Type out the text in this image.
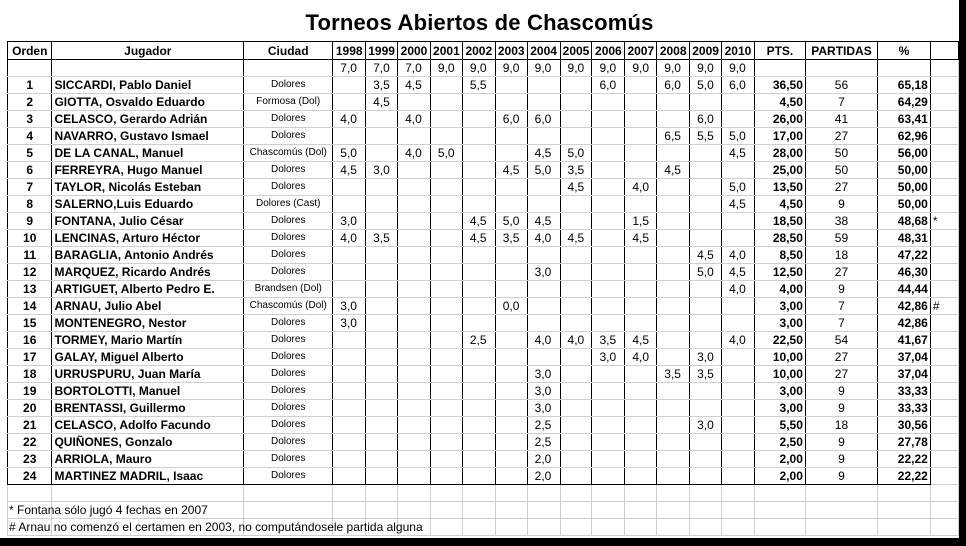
Torneos Abiertos de Chascomús
Orden	Jugador	Ciudad	1998	1999	2000	2001	2002	2003	2004	2005	2006	2007	2008	2009	2010	PTS.	PARTIDAS	%	
			7,0	7,0	7,0	9,0	9,0	9,0	9,0	9,0	9,0	9,0	9,0	9,0	9,0				
1	SICCARDI, Pablo Daniel	Dolores		3,5	4,5		5,5				6,0		6,0	5,0	6,0	36,50	56	65,18	
2	GIOTTA, Osvaldo Eduardo	Formosa (Dol)		4,5												4,50	7	64,29	
3	CELASCO, Gerardo Adrián	Dolores	4,0		4,0			6,0	6,0					6,0		26,00	41	63,41	
4	NAVARRO, Gustavo Ismael	Dolores											6,5	5,5	5,0	17,00	27	62,96	
5	DE LA CANAL, Manuel	Chascomús (Dol)	5,0		4,0	5,0			4,5	5,0					4,5	28,00	50	56,00	
6	FERREYRA, Hugo Manuel	Dolores	4,5	3,0				4,5	5,0	3,5			4,5			25,00	50	50,00	
7	TAYLOR, Nicolás Esteban	Dolores								4,5		4,0			5,0	13,50	27	50,00	
8	SALERNO,Luis Eduardo	Dolores (Cast)													4,5	4,50	9	50,00	
9	FONTANA, Julio César	Dolores	3,0				4,5	5,0	4,5			1,5				18,50	38	48,68	*
10	LENCINAS, Arturo Héctor	Dolores	4,0	3,5			4,5	3,5	4,0	4,5		4,5				28,50	59	48,31	
11	BARAGLIA, Antonio Andrés	Dolores												4,5	4,0	8,50	18	47,22	
12	MARQUEZ, Ricardo Andrés	Dolores							3,0					5,0	4,5	12,50	27	46,30	
13	ARTIGUET, Alberto Pedro E.	Brandsen (Dol)													4,0	4,00	9	44,44	
14	ARNAU, Julio Abel	Chascomús (Dol)	3,0					0,0								3,00	7	42,86	#
15	MONTENEGRO, Nestor	Dolores	3,0													3,00	7	42,86	
16	TORMEY, Mario Martín	Dolores					2,5		4,0	4,0	3,5	4,5			4,0	22,50	54	41,67	
17	GALAY, Miguel Alberto	Dolores									3,0	4,0		3,0		10,00	27	37,04	
18	URRUSPURU, Juan María	Dolores							3,0				3,5	3,5		10,00	27	37,04	
19	BORTOLOTTI, Manuel	Dolores							3,0							3,00	9	33,33	
20	BRENTASSI, Guillermo	Dolores							3,0							3,00	9	33,33	
21	CELASCO, Adolfo Facundo	Dolores							2,5					3,0		5,50	18	30,56	
22	QUIÑONES, Gonzalo	Dolores							2,5							2,50	9	27,78	
23	ARRIOLA, Mauro	Dolores							2,0							2,00	9	22,22	
24	MARTINEZ MADRIL, Isaac	Dolores							2,0							2,00	9	22,22	

* Fontana sólo jugó 4 fechas en 2007
# Arnau no comenzó el certamen en 2003, no computándosele partida alguna
